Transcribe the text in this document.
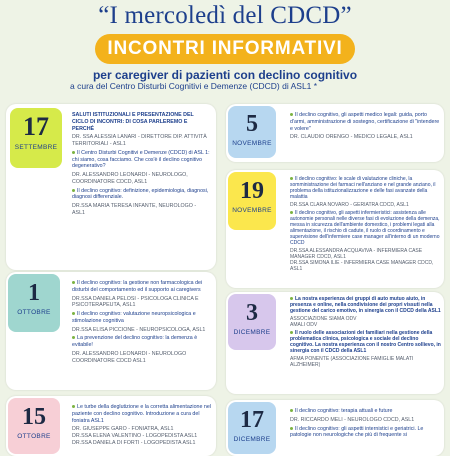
“I mercoledì del CDCD”
INCONTRI INFORMATIVI
per caregiver di pazienti con declino cognitivo
a cura del Centro Disturbi Cognitivi e Demenze (CDCD) di ASL1 *
17
SETTEMBRE
SALUTI ISTITUZIONALI E PRESENTAZIONE DEL CICLO DI INCONTRI: DI COSA PARLEREMO E PERCHÉ
DR. SSA ALESSIA LANARI - DIRETTORE DIP. ATTIVITÀ TERRITORIALI - ASL1
Il Centro Disturbi Cognitivi e Demenze (CDCD) di ASL 1: chi siamo, cosa facciamo. Che cos'è il declino cognitivo degenerativo?
DR. ALESSANDRO LEONARDI - NEUROLOGO, COORDINATORE CDCD, ASL1
Il declino cognitivo: definizione, epidemiologia, diagnosi, diagnosi differenziale.
DR.SSA MARIA TERESA INFANTE, NEUROLOGO - ASL1
5
NOVEMBRE
Il declino cognitivo, gli aspetti medico legali: guida, porto d'armi, amministrazione di sostegno, certificazione di "intendere e volere"
DR. CLAUDIO ORENGO - MEDICO LEGALE, ASL1
19
NOVEMBRE
Il declino cognitivo: le scale di valutazione cliniche, la somministrazione dei farmaci nell'anziano e nel grande anziano, il problema della istituzionalizzazione e delle fasi avanzate della malattia
DR.SSA CLARA NOVARO - GERIATRA CDCD, ASL1
Il declino cognitivo, gli aspetti infermieristici: assistenza alle autonomie personali nelle diverse fasi di evoluzione della demenza, messa in sicurezza dell'ambiente domestico, i problemi legati alla alimentazione, il rischio di cadute, il ruolo di coordinamento e supervisione dell'infermiere case manager all'interno di un moderno CDCD
DR.SSA ALESSANDRA ACQUAVIVA - INFERMIERA CASE MANAGER CDCD, ASL1
DR.SSA SIMONA ILIE - INFERMIERA CASE MANAGER CDCD, ASL1
1
OTTOBRE
Il declino cognitivo: la gestione non farmacologica dei disturbi del comportamento ed il supporto ai caregivers
DR.SSA DANIELA PELOSI - PSICOLOGA CLINICA E PSICOTERAPEUTA, ASL1
Il declino cognitivo: valutazione neuropsicologica e stimolazione cognitiva
DR.SSA ELISA PICCIONE - NEUROPSICOLOGA, ASL1
La prevenzione del declino cognitivo: la demenza è evitabile!
DR. ALESSANDRO LEONARDI - NEUROLOGO COORDINATORE CDCD ASL1
3
DICEMBRE
La nostra esperienza dei gruppi di auto mutuo aiuto, in presenza e online, nella condivisione dei propri vissuti nella gestione del carico emotivo, in sinergia con il CDCD della ASL1
ASSOCIAZIONE SIAMA ODV
AMALI ODV
Il ruolo delle associazioni dei familiari nella gestione della problematica clinica, psicologica e sociale del declino cognitivo. La nostra esperienza con il nostro Centro sollievo, in sinergia con il CDCD della ASL1
AFMA PONENTE (ASSOCIAZIONE FAMIGLIE MALATI ALZHEIMER)
15
OTTOBRE
Le turbe della deglutizione e la corretta alimentazione nel paziente con declino cognitivo. Introduzione a cura del foniatra ASL1
DR. GIUSEPPE GARO - FONIATRA, ASL1
DR.SSA ELENA VALENTINO - LOGOPEDISTA ASL1
DR.SSA DANIELA DI FORTI - LOGOPEDISTA ASL1
17
DICEMBRE
Il declino cognitivo: terapia attuali e future
DR. RICCARDO MELI - NEUROLOGO CDCD, ASL1
Il declino cognitivo: gli aspetti internistici e geriatrici. Le patologie non neurologiche che più di frequente si
